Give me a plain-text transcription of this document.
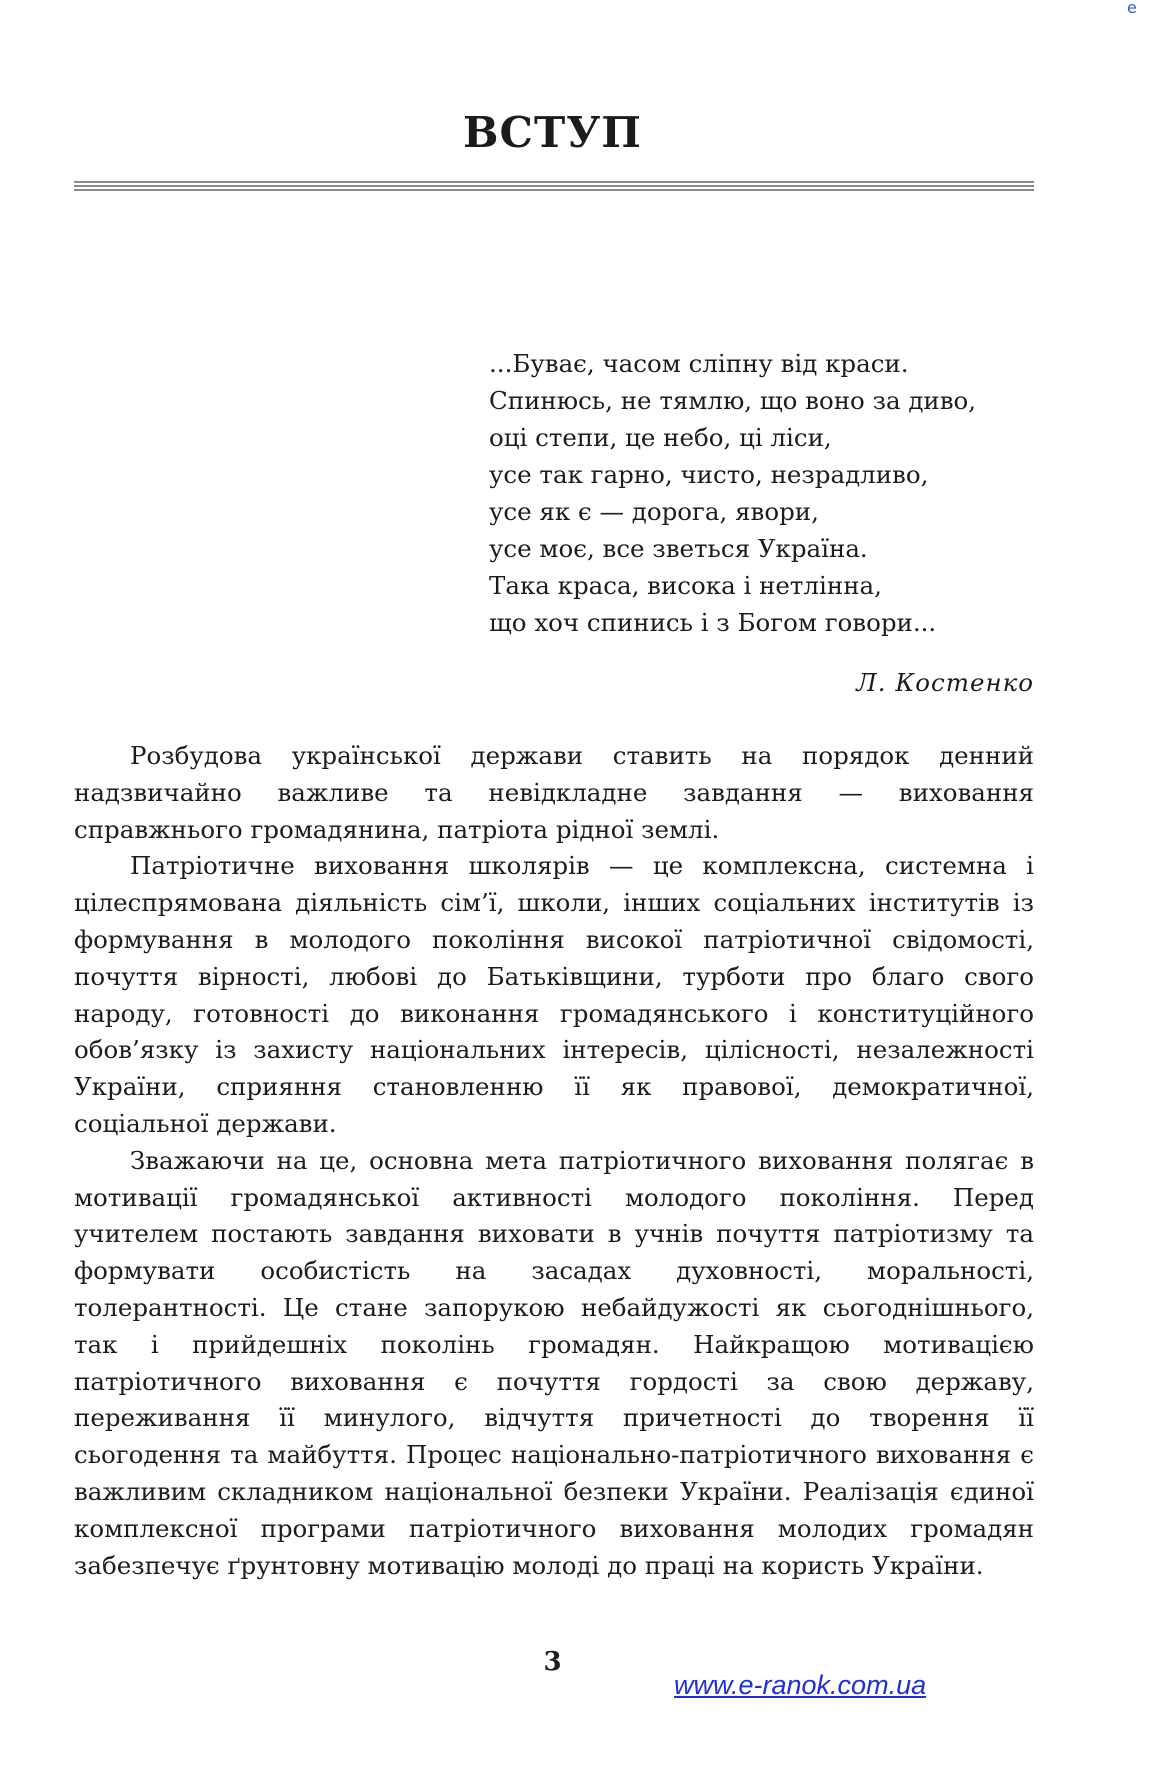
е
ВСТУП
...Буває, часом сліпну від краси.
Спинюсь, не тямлю, що воно за диво,
оці степи, це небо, ці ліси,
усе так гарно, чисто, незрадливо,
усе як є — дорога, явори,
усе моє, все зветься Україна.
Така краса, висока і нетлінна,
що хоч спинись і з Богом говори...
Л. Костенко

Розбудова української держави ставить на порядок денний надзвичайно важливе та невідкладне завдання — виховання справжнього громадянина, патріота рідної землі.

Патріотичне виховання школярів — це комплексна, системна і цілеспрямована діяльність сім’ї, школи, інших соціальних інститутів із формування в молодого покоління високої патріотичної свідомості, почуття вірності, любові до Батьківщини, турботи про благо свого народу, готовності до виконання громадянського і конституційного обов’язку із захисту національних інтересів, цілісності, незалежності України, сприяння становленню її як правової, демократичної, соціальної держави.

Зважаючи на це, основна мета патріотичного виховання полягає в мотивації громадянської активності молодого покоління. Перед учителем постають завдання виховати в учнів почуття патріотизму та формувати особистість на засадах духовності, моральності, толерантності. Це стане запорукою небайдужості як сьогоднішнього, так і прийдешніх поколінь громадян. Найкращою мотивацією патріотичного виховання є почуття гордості за свою державу, переживання її минулого, відчуття причетності до творення її сьогодення та майбуття. Процес національно-патріотичного виховання є важливим складником національної безпеки України. Реалізація єдиної комплексної програми патріотичного виховання молодих громадян забезпечує ґрунтовну мотивацію молоді до праці на користь України.

3
www.e-ranok.com.ua
